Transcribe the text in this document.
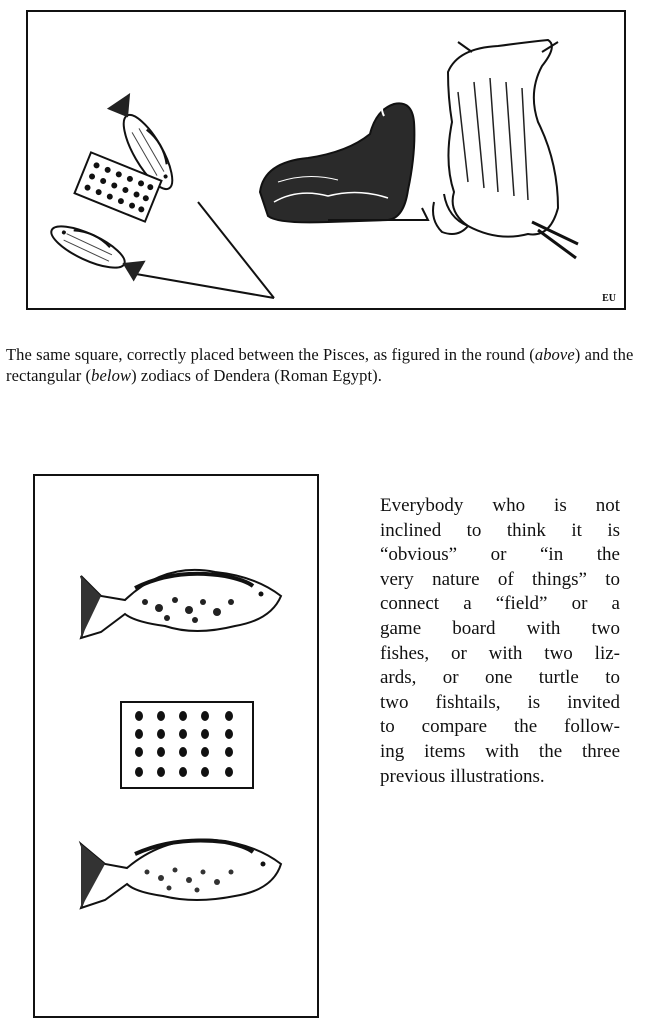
EU
The same square, correctly placed between the Pisces, as figured in the round (above) and the rectangular (below) zodiacs of Dendera (Roman Egypt).
Everybody who is not
inclined to think it is
“obvious” or “in the
very nature of things” to
connect a “field” or a
game board with two
fishes, or with two liz-
ards, or one turtle to
two fishtails, is invited
to compare the follow-
ing items with the three
previous illustrations.
